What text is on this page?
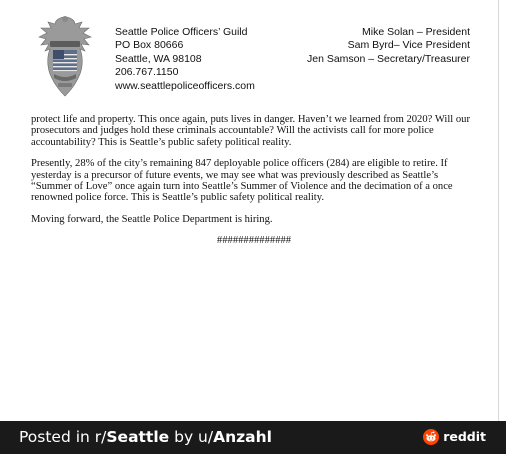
Seattle Police Officers’ Guild
PO Box 80666
Seattle, WA 98108
206.767.1150
www.seattlepoliceofficers.com
Mike Solan – President
Sam Byrd– Vice President
Jen Samson – Secretary/Treasurer

protect life and property. This once again, puts lives in danger. Haven’t we learned from 2020? Will our prosecutors and judges hold these criminals accountable? Will the activists call for more police accountability? This is Seattle’s public safety political reality.

Presently, 28% of the city’s remaining 847 deployable police officers (284) are eligible to retire. If yesterday is a precursor of future events, we may see what was previously described as Seattle’s “Summer of Love” once again turn into Seattle’s Summer of Violence and the decimation of a once renowned police force. This is Seattle’s public safety political reality.

Moving forward, the Seattle Police Department is hiring.

##############

Posted in r/Seattle by u/Anzahl	reddit
